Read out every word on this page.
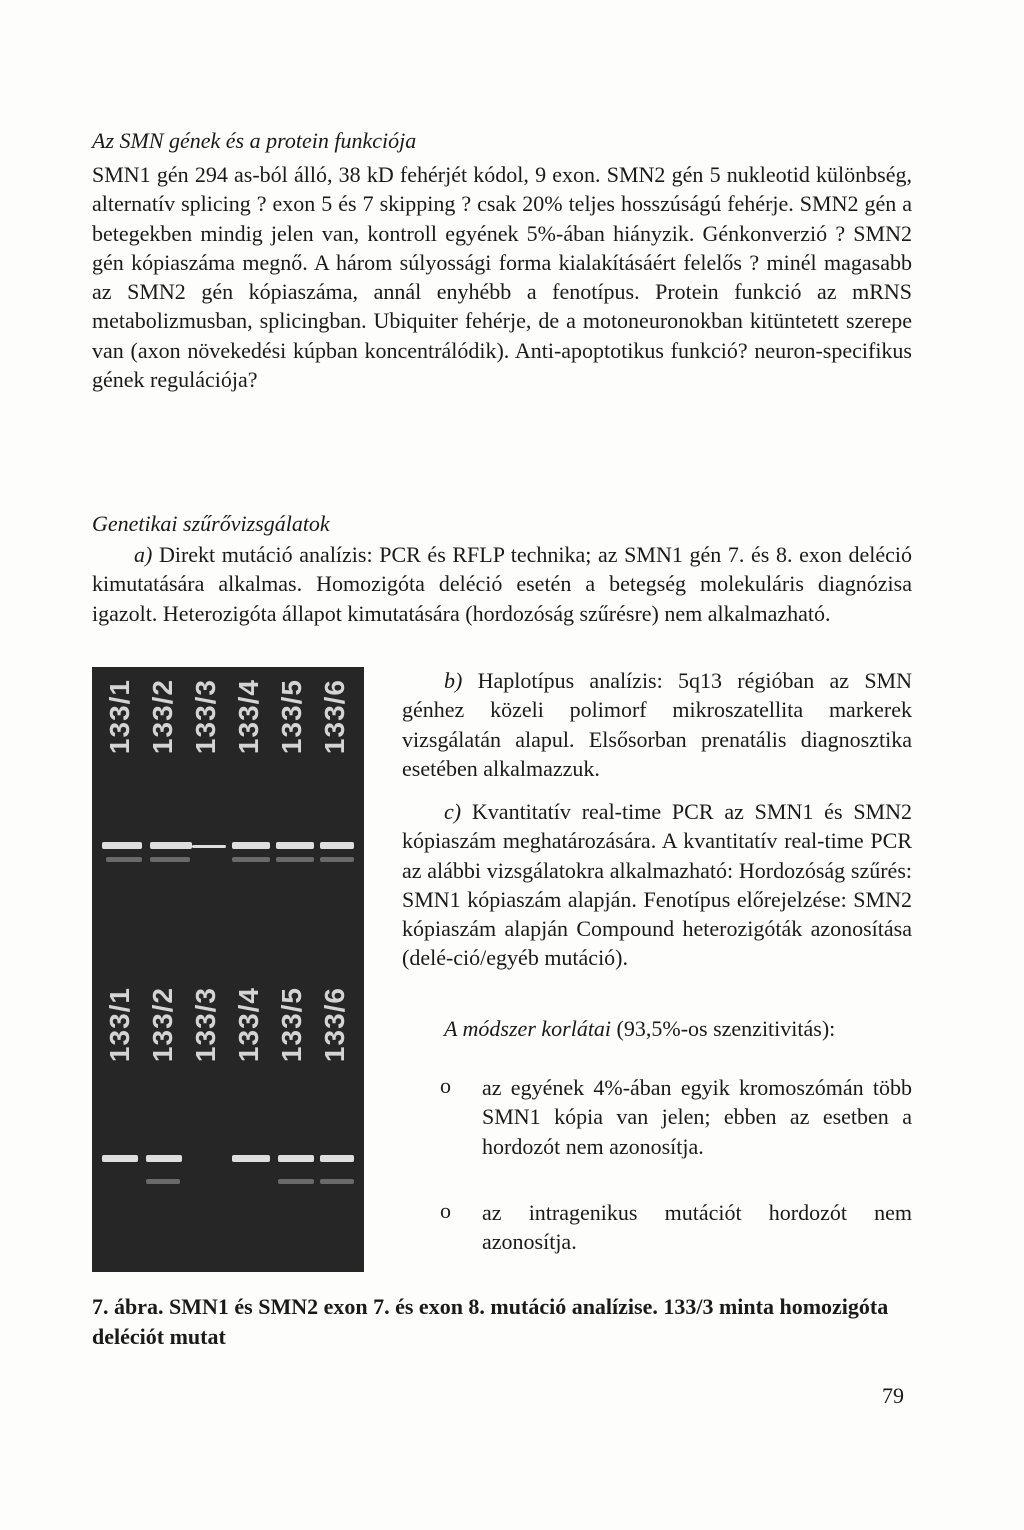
Az SMN gének és a protein funkciója
SMN1 gén 294 as-ból álló, 38 kD fehérjét kódol, 9 exon. SMN2 gén 5 nukleotid különbség, alternatív splicing ? exon 5 és 7 skipping ? csak 20% teljes hosszúságú fehérje. SMN2 gén a betegekben mindig jelen van, kontroll egyének 5%-ában hiányzik. Génkonverzió ? SMN2 gén kópiaszáma megnő. A három súlyossági forma kialakításáért felelős ? minél magasabb az SMN2 gén kópiaszáma, annál enyhébb a fenotípus. Protein funkció az mRNS metabolizmusban, splicingban. Ubiquiter fehérje, de a motoneuronokban kitüntetett szerepe van (axon növekedési kúpban koncentrálódik). Anti-apoptotikus funkció? neuron-specifikus gének regulációja?
Genetikai szűrővizsgálatok
a) Direkt mutáció analízis: PCR és RFLP technika; az SMN1 gén 7. és 8. exon deléció kimutatására alkalmas. Homozigóta deléció esetén a betegség molekuláris diagnózisa igazolt. Heterozigóta állapot kimutatására (hordozóság szűrésre) nem alkalmazható.
133/1 133/2 133/3 133/4 133/5 133/6
133/1 133/2 133/3 133/4 133/5 133/6
b) Haplotípus analízis: 5q13 régióban az SMN génhez közeli polimorf mikroszatellita markerek vizsgálatán alapul. Elsősorban prenatális diagnosztika esetében alkalmazzuk.
c) Kvantitatív real-time PCR az SMN1 és SMN2 kópiaszám meghatározására. A kvantitatív real-time PCR az alábbi vizsgálatokra alkalmazható: Hordozóság szűrés: SMN1 kópiaszám alapján. Fenotípus előrejelzése: SMN2 kópiaszám alapján Compound heterozigóták azonosítása (delé-ció/egyéb mutáció).
A módszer korlátai (93,5%-os szenzitivitás):
o az egyének 4%-ában egyik kromoszómán több SMN1 kópia van jelen; ebben az esetben a hordozót nem azonosítja.
o az intragenikus mutációt hordozót nem azonosítja.
7. ábra. SMN1 és SMN2 exon 7. és exon 8. mutáció analízise. 133/3 minta homozigóta deléciót mutat
79
